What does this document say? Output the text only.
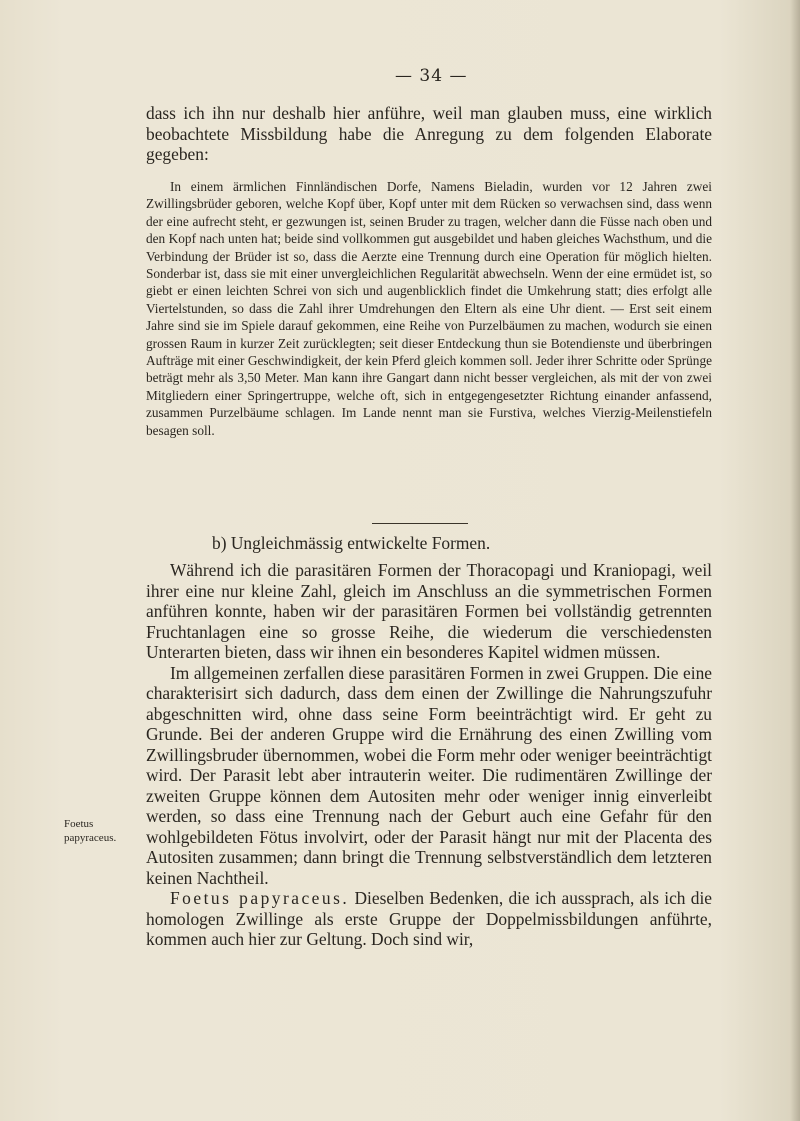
— 34 —

dass ich ihn nur deshalb hier anführe, weil man glauben muss, eine wirklich beobachtete Missbildung habe die Anregung zu dem folgenden Elaborate gegeben:

In einem ärmlichen Finnländischen Dorfe, Namens Bieladin, wurden vor 12 Jahren zwei Zwillingsbrüder geboren, welche Kopf über, Kopf unter mit dem Rücken so verwachsen sind, dass wenn der eine aufrecht steht, er gezwungen ist, seinen Bruder zu tragen, welcher dann die Füsse nach oben und den Kopf nach unten hat; beide sind vollkommen gut ausgebildet und haben gleiches Wachsthum, und die Verbindung der Brüder ist so, dass die Aerzte eine Trennung durch eine Operation für möglich hielten. Sonderbar ist, dass sie mit einer unvergleichlichen Regularität abwechseln. Wenn der eine ermüdet ist, so giebt er einen leichten Schrei von sich und augenblicklich findet die Umkehrung statt; dies erfolgt alle Viertelstunden, so dass die Zahl ihrer Umdrehungen den Eltern als eine Uhr dient. — Erst seit einem Jahre sind sie im Spiele darauf gekommen, eine Reihe von Purzelbäumen zu machen, wodurch sie einen grossen Raum in kurzer Zeit zurücklegten; seit dieser Entdeckung thun sie Botendienste und überbringen Aufträge mit einer Geschwindigkeit, der kein Pferd gleich kommen soll. Jeder ihrer Schritte oder Sprünge beträgt mehr als 3,50 Meter. Man kann ihre Gangart dann nicht besser vergleichen, als mit der von zwei Mitgliedern einer Springertruppe, welche oft, sich in entgegengesetzter Richtung einander anfassend, zusammen Purzelbäume schlagen. Im Lande nennt man sie Furstiva, welches Vierzig-Meilenstiefeln besagen soll.

b) Ungleichmässig entwickelte Formen.

Während ich die parasitären Formen der Thoracopagi und Kraniopagi, weil ihrer eine nur kleine Zahl, gleich im Anschluss an die symmetrischen Formen anführen konnte, haben wir der parasitären Formen bei vollständig getrennten Fruchtanlagen eine so grosse Reihe, die wiederum die verschiedensten Unterarten bieten, dass wir ihnen ein besonderes Kapitel widmen müssen.

Im allgemeinen zerfallen diese parasitären Formen in zwei Gruppen. Die eine charakterisirt sich dadurch, dass dem einen der Zwillinge die Nahrungszufuhr abgeschnitten wird, ohne dass seine Form beeinträchtigt wird. Er geht zu Grunde. Bei der anderen Gruppe wird die Ernährung des einen Zwilling vom Zwillingsbruder übernommen, wobei die Form mehr oder weniger beeinträchtigt wird. Der Parasit lebt aber intrauterin weiter. Die rudimentären Zwillinge der zweiten Gruppe können dem Autositen mehr oder weniger innig einverleibt werden, so dass eine Trennung nach der Geburt auch eine Gefahr für den wohlgebildeten Fötus involvirt, oder der Parasit hängt nur mit der Placenta des Autositen zusammen; dann bringt die Trennung selbstverständlich dem letzteren keinen Nachtheil.

Foetus papyraceus. Dieselben Bedenken, die ich aussprach, als ich die homologen Zwillinge als erste Gruppe der Doppelmissbildungen anführte, kommen auch hier zur Geltung. Doch sind wir,

Foetus papyraceus.
